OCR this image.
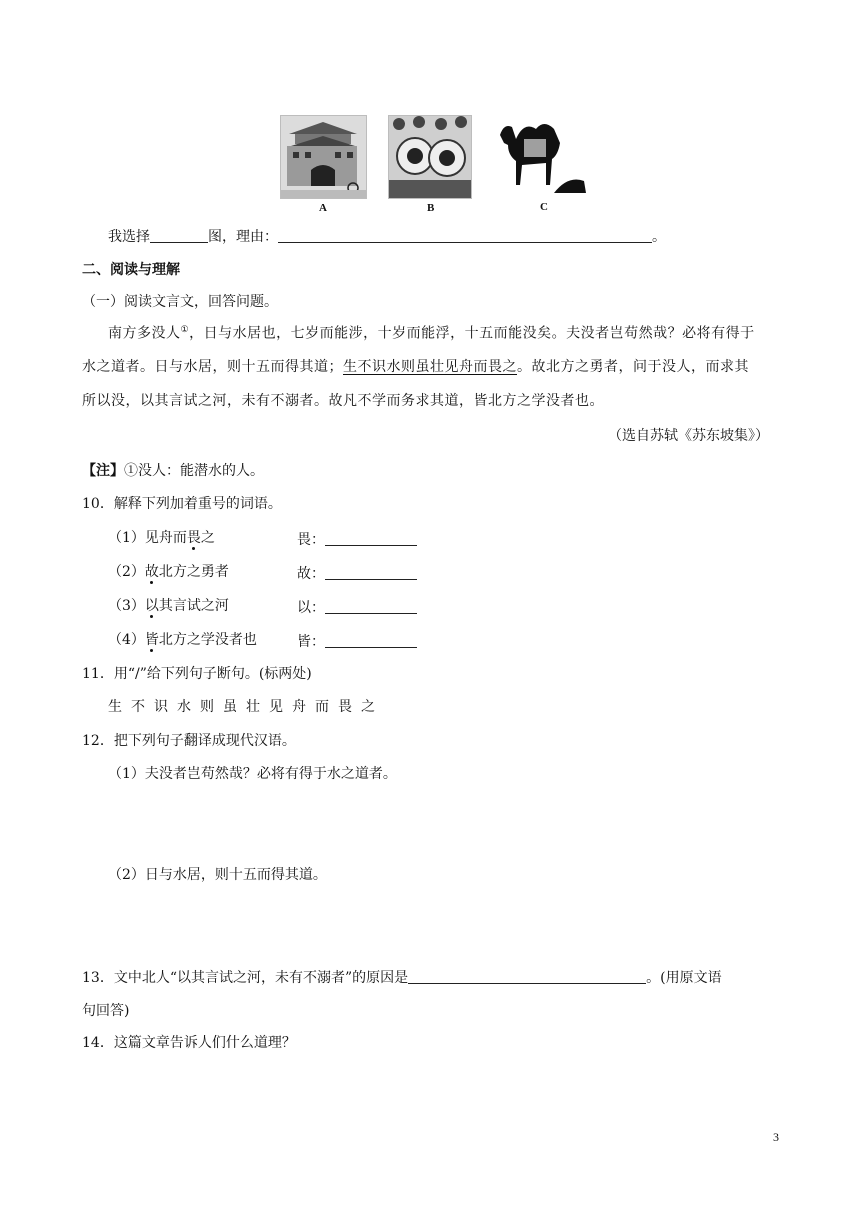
A	B	C
我选择	图，理由：	。
二、阅读与理解
（一）阅读文言文，回答问题。
南方多没人①，日与水居也，七岁而能涉，十岁而能浮，十五而能没矣。夫没者岂苟然哉？必将有得于
水之道者。日与水居，则十五而得其道；生不识水则虽壮见舟而畏之。故北方之勇者，问于没人，而求其
所以没，以其言试之河，未有不溺者。故凡不学而务求其道，皆北方之学没者也。
（选自苏轼《苏东坡集》）
【注】①没人：能潜水的人。
10．解释下列加着重号的词语。
（1）见舟而畏之	畏：
（2）故北方之勇者	故：
（3）以其言试之河	以：
（4）皆北方之学没者也	皆：
11．用“/”给下列句子断句。(标两处)
生不识水则虽壮见舟而畏之
12．把下列句子翻译成现代汉语。
（1）夫没者岂苟然哉？必将有得于水之道者。
（2）日与水居，则十五而得其道。
13．文中北人“以其言试之河，未有不溺者”的原因是	。(用原文语
句回答)
14．这篇文章告诉人们什么道理？
3
